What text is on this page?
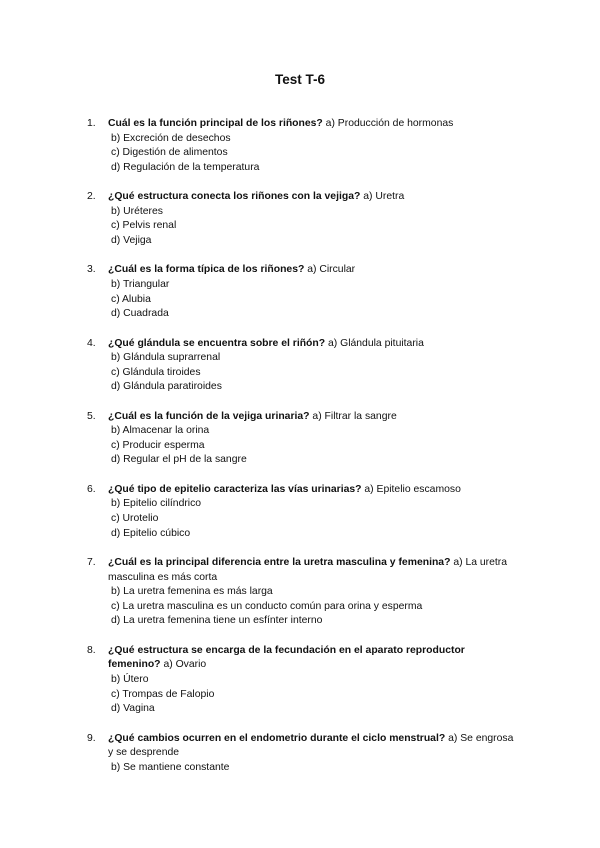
Test T-6
1. Cuál es la función principal de los riñones? a) Producción de hormonas
b) Excreción de desechos
c) Digestión de alimentos
d) Regulación de la temperatura
2. ¿Qué estructura conecta los riñones con la vejiga? a) Uretra
b) Uréteres
c) Pelvis renal
d) Vejiga
3. ¿Cuál es la forma típica de los riñones? a) Circular
b) Triangular
c) Alubia
d) Cuadrada
4. ¿Qué glándula se encuentra sobre el riñón? a) Glándula pituitaria
b) Glándula suprarrenal
c) Glándula tiroides
d) Glándula paratiroides
5. ¿Cuál es la función de la vejiga urinaria? a) Filtrar la sangre
b) Almacenar la orina
c) Producir esperma
d) Regular el pH de la sangre
6. ¿Qué tipo de epitelio caracteriza las vías urinarias? a) Epitelio escamoso
b) Epitelio cilíndrico
c) Urotelio
d) Epitelio cúbico
7. ¿Cuál es la principal diferencia entre la uretra masculina y femenina? a) La uretra masculina es más corta
b) La uretra femenina es más larga
c) La uretra masculina es un conducto común para orina y esperma
d) La uretra femenina tiene un esfínter interno
8. ¿Qué estructura se encarga de la fecundación en el aparato reproductor femenino? a) Ovario
b) Útero
c) Trompas de Falopio
d) Vagina
9. ¿Qué cambios ocurren en el endometrio durante el ciclo menstrual? a) Se engrosa y se desprende
b) Se mantiene constante
